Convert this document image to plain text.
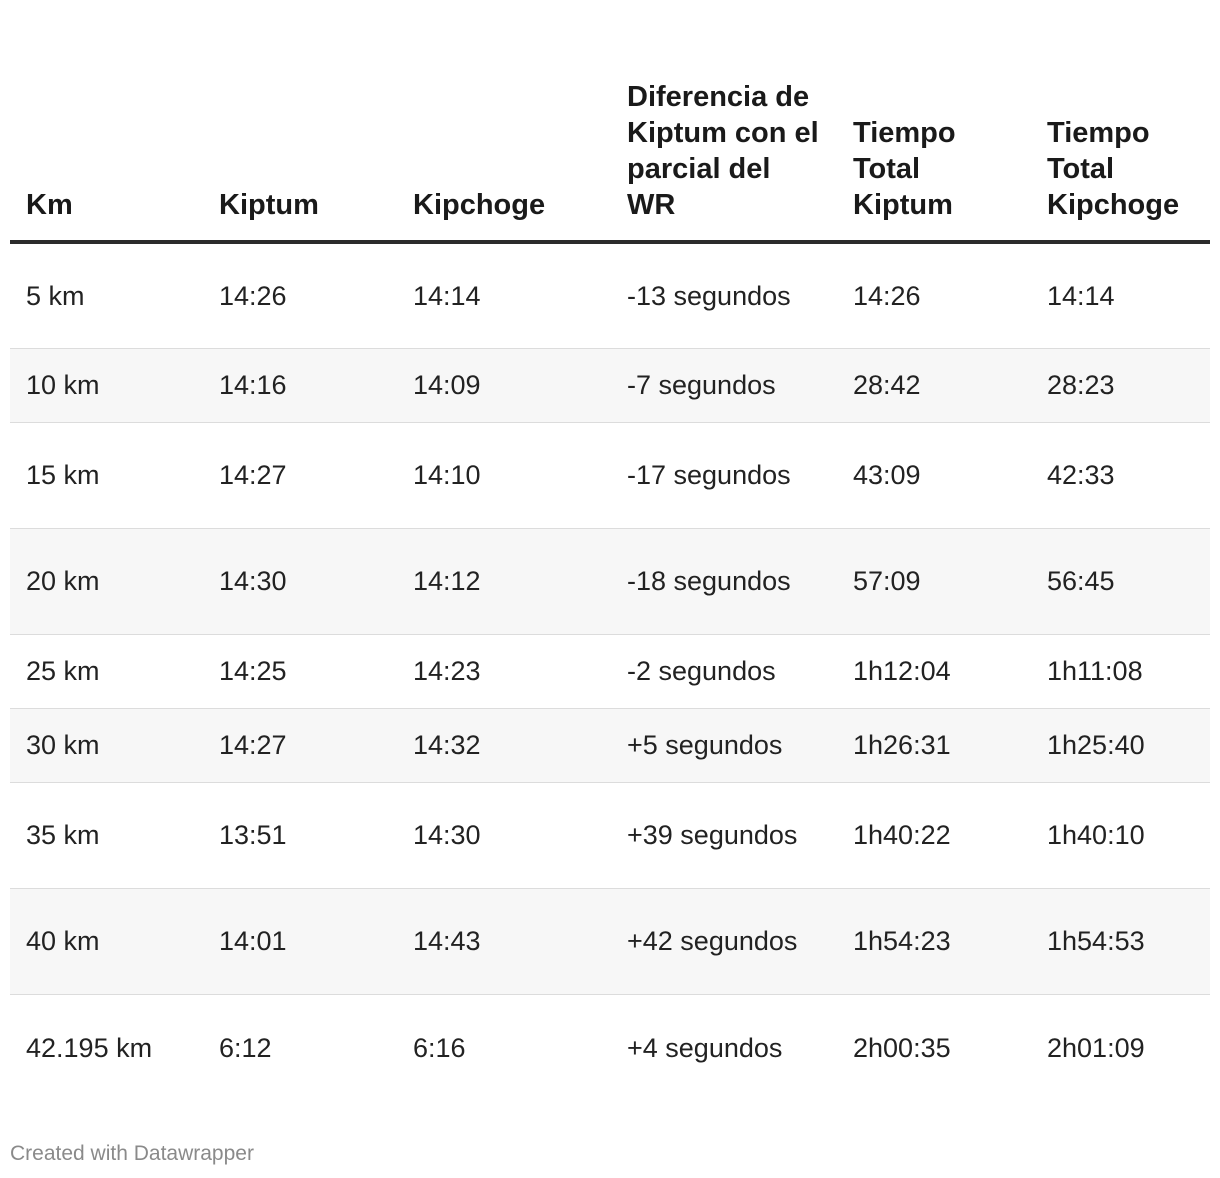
Km	Kiptum	Kipchoge	Diferencia de Kiptum con el parcial del WR	Tiempo Total Kiptum	Tiempo Total Kipchoge
5 km	14:26	14:14	-13 segundos	14:26	14:14
10 km	14:16	14:09	-7 segundos	28:42	28:23
15 km	14:27	14:10	-17 segundos	43:09	42:33
20 km	14:30	14:12	-18 segundos	57:09	56:45
25 km	14:25	14:23	-2 segundos	1h12:04	1h11:08
30 km	14:27	14:32	+5 segundos	1h26:31	1h25:40
35 km	13:51	14:30	+39 segundos	1h40:22	1h40:10
40 km	14:01	14:43	+42 segundos	1h54:23	1h54:53
42.195 km	6:12	6:16	+4 segundos	2h00:35	2h01:09
Created with Datawrapper
